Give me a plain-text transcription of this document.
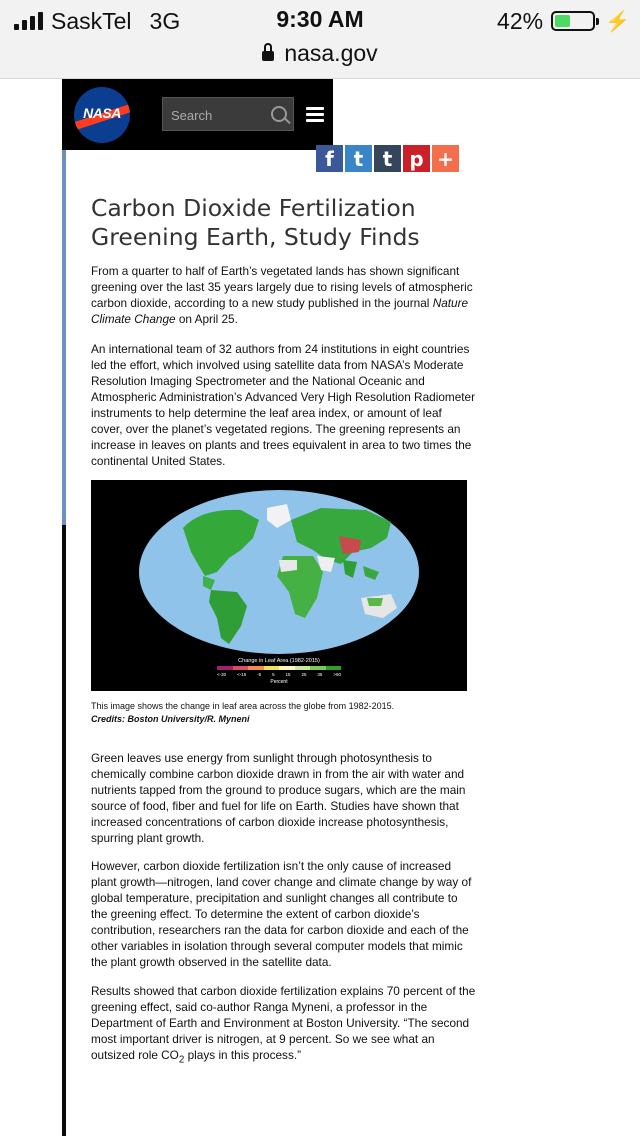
SaskTel 3G	9:30 AM	42%	⚡
nasa.gov
NASA
Search
f t t p +
Carbon Dioxide Fertilization
Greening Earth, Study Finds

From a quarter to half of Earth’s vegetated lands has shown significant greening over the last 35 years largely due to rising levels of atmospheric carbon dioxide, according to a new study published in the journal Nature Climate Change on April 25.

An international team of 32 authors from 24 institutions in eight countries led the effort, which involved using satellite data from NASA’s Moderate Resolution Imaging Spectrometer and the National Oceanic and Atmospheric Administration’s Advanced Very High Resolution Radiometer instruments to help determine the leaf area index, or amount of leaf cover, over the planet’s vegetated regions. The greening represents an increase in leaves on plants and trees equivalent in area to two times the continental United States.

Change in Leaf Area (1982-2015)
<-30 <-15 -5 5 15 25 35 >50
Percent
This image shows the change in leaf area across the globe from 1982-2015.
Credits: Boston University/R. Myneni

Green leaves use energy from sunlight through photosynthesis to chemically combine carbon dioxide drawn in from the air with water and nutrients tapped from the ground to produce sugars, which are the main source of food, fiber and fuel for life on Earth. Studies have shown that increased concentrations of carbon dioxide increase photosynthesis, spurring plant growth.

However, carbon dioxide fertilization isn’t the only cause of increased plant growth—nitrogen, land cover change and climate change by way of global temperature, precipitation and sunlight changes all contribute to the greening effect. To determine the extent of carbon dioxide’s contribution, researchers ran the data for carbon dioxide and each of the other variables in isolation through several computer models that mimic the plant growth observed in the satellite data.

Results showed that carbon dioxide fertilization explains 70 percent of the greening effect, said co-author Ranga Myneni, a professor in the Department of Earth and Environment at Boston University. “The second most important driver is nitrogen, at 9 percent. So we see what an outsized role $CO_2$ plays in this process.”
